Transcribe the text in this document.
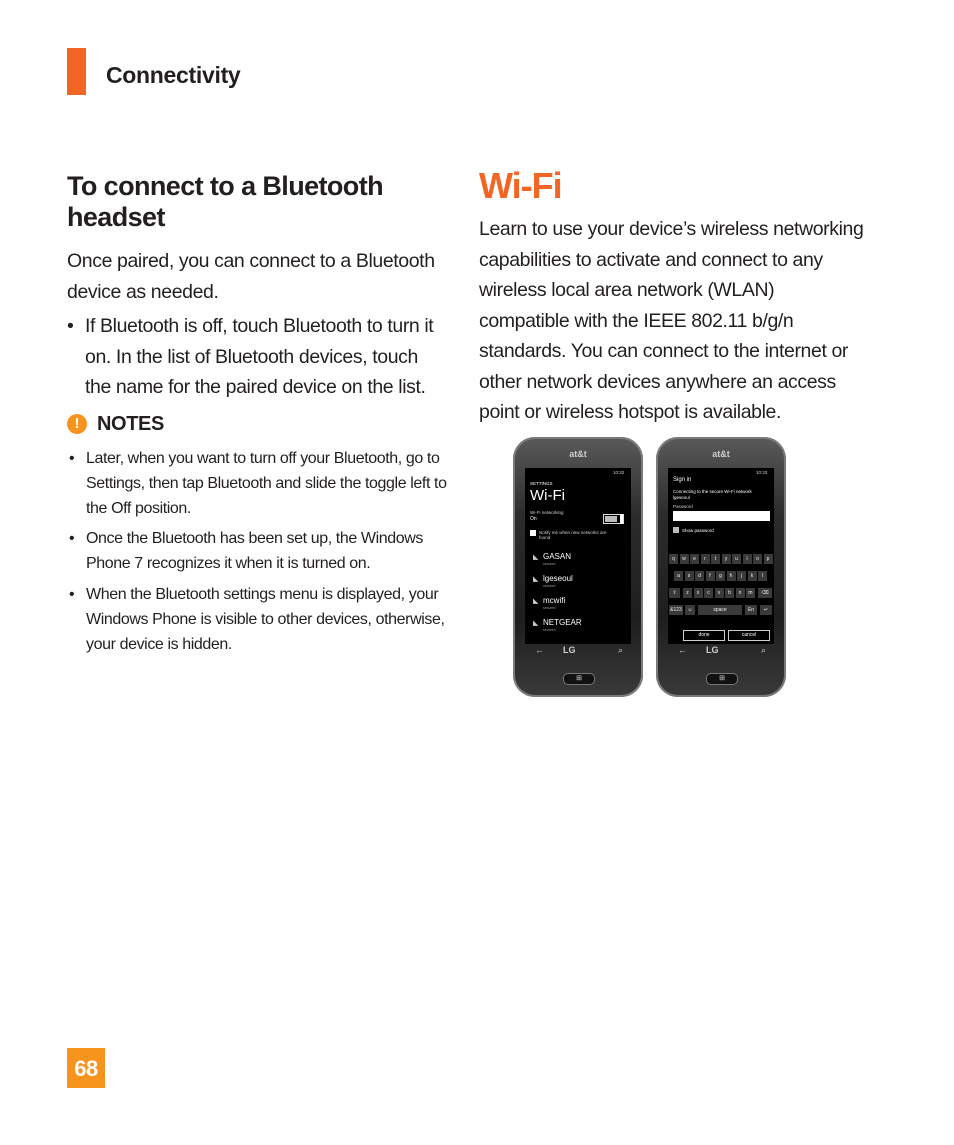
Connectivity
To connect to a Bluetooth headset
Once paired, you can connect to a Bluetooth device as needed.
• If Bluetooth is off, touch Bluetooth to turn it on. In the list of Bluetooth devices, touch the name for the paired device on the list.
! NOTES
• Later, when you want to turn off your Bluetooth, go to Settings, then tap Bluetooth and slide the toggle left to the Off position.
• Once the Bluetooth has been set up, the Windows Phone 7 recognizes it when it is turned on.
• When the Bluetooth settings menu is displayed, your Windows Phone is visible to other devices, otherwise, your device is hidden.
Wi-Fi
Learn to use your device’s wireless networking capabilities to activate and connect to any wireless local area network (WLAN) compatible with the IEEE 802.11 b/g/n standards. You can connect to the internet or other network devices anywhere an access point or wireless hotspot is available.
at&t
10:32
SETTINGS
Wi-Fi
Wi-Fi networking
On
Notify me when new networks are found
◣ GASAN
secured
◣ lgeseoul
secured
◣ mcwifi
secured
◣ NETGEAR
secured
← LG	⌕
⊞
at&t
10:33
Sign in
Connecting to the secure Wi-Fi network
lgeseoul
Password
Show password
q	w	e	r	t	y	u	i	o	p
a	s	d	f	g	h	j	k	l
⇧	z	x	c	v	b	n	m	⌫
&123	☺	space	En	↵
done	cancel
← LG	⌕
⊞
68
